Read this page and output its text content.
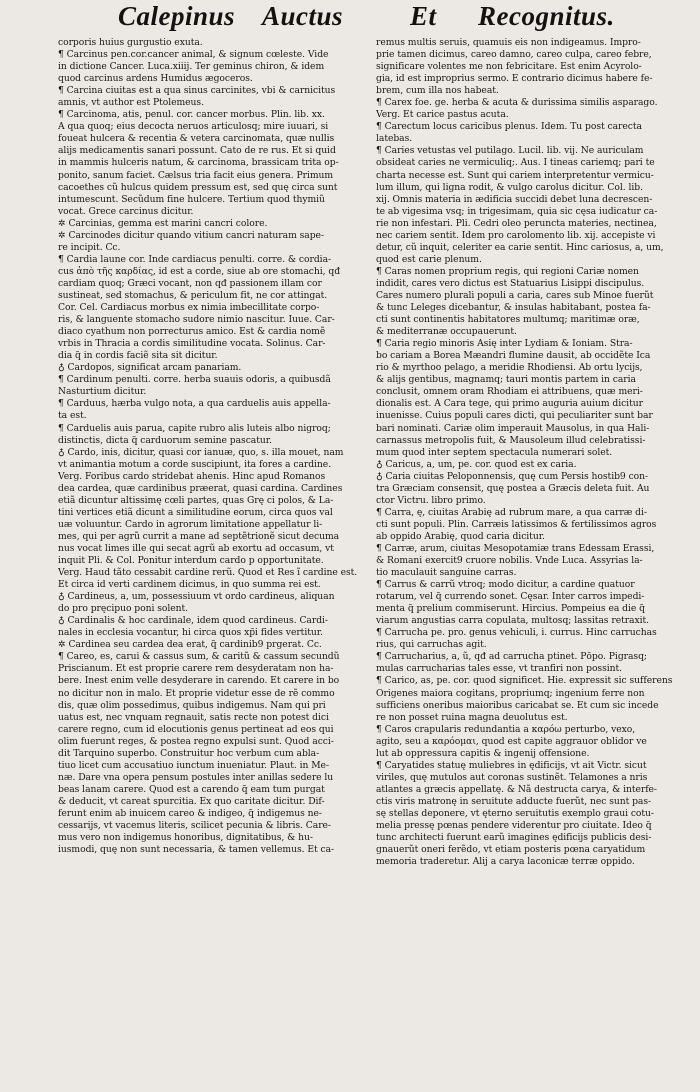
Calepinus Auctus Et Recognitus.
corporis huius gurgustio exuta.
¶ Carcinus pen.cor.cancer animal, & signum cœleste. Vide
in dictione Cancer. Luca.xiiij. Ter geminus chiron, & idem
quod carcinus ardens Humidus ægoceros.
¶ Carcina ciuitas est a qua sinus carcinites, vbi & carnicitus
amnis, vt author est Ptolemeus.
¶ Carcinoma, atis, penul. cor. cancer morbus. Plin. lib. xx.
A qua quoq; eius decocta neruos articulosq; mire iuuari, si
foueat hulcera & recentia & vetera carcinomata, quæ nullis
alijs medicamentis sanari possunt. Cato de re rus. Et si quid
in mammis hulceris natum, & carcinoma, brassicam trita op-
ponito, sanum faciet. Cælsus tria facit eius genera. Primum
cacoethes cũ hulcus quidem pressum est, sed quę circa sunt
intumescunt. Secũdum fine hulcere. Tertium quod thymiũ
vocat. Grece carcinus dicitur.
✲ Carcinias, gemma est marini cancri colore.
✲ Carcinodes dicitur quando vitium cancri naturam sape-
re incipit. Cc.
¶ Cardia laune cor. Inde cardiacus penulti. corre. & cordia-
cus ἀπὸ τῆς καρδίας, id est a corde, siue ab ore stomachi, qđ
cardiam quoq; Græci vocant, non qđ passionem illam cor
sustineat, sed stomachus, & periculum fit, ne cor attingat.
Cor. Cel. Cardiacus morbus ex nimia imbecillitate corpo-
ris, & languente stomacho sudore nimio nascitur. Iuue. Car-
diaco cyathum non porrecturus amico. Est & cardia nomẽ
vrbis in Thracia a cordis similitudine vocata. Solinus. Car-
dia q̃ in cordis faciẽ sita sit dicitur.
♁ Cardopos, significat arcam panariam.
¶ Cardinum penulti. corre. herba suauis odoris, a quibusdã
Nasturtium dicitur.
¶ Carduus, hærba vulgo nota, a qua carduelis auis appella-
ta est.
¶ Carduelis auis parua, capite rubro alis luteis albo nigroq;
distinctis, dicta q̃ carduorum semine pascatur.
♁ Cardo, inis, dicitur, quasi cor ianuæ, quo, s. illa mouet, nam
vt animantia motum a corde suscipiunt, ita fores a cardine.
Verg. Foribus cardo stridebat ahenis. Hinc apud Romanos
dea cardea, quæ cardinibus præerat, quasi cardina. Cardines
etiã dicuntur altissimę cœli partes, quas Grę ci polos, & La-
tini vertices etiã dicunt a similitudine eorum, circa quos val
uæ voluuntur. Cardo in agrorum limitatione appellatur li-
mes, qui per agrũ currit a mane ad septẽtrionẽ sicut decuma
nus vocat limes ille qui secat agrũ ab exortu ad occasum, vt
inquit Pli. & Col. Ponitur interdum cardo p opportunitate.
Verg. Haud tãto cessabit cardine rerũ. Quod et Res ĩ cardine est.
Et circa id verti cardinem dicimus, in quo summa rei est.
♁ Cardineus, a, um, possessiuum vt ordo cardineus, aliquan
do pro pręcipuo poni solent.
♁ Cardinalis & hoc cardinale, idem quod cardineus. Cardi-
nales in ecclesia vocantur, hi circa quos xp̃i fides vertitur.
✲ Cardinea seu cardea dea erat, q̃ cardinib9 prgerat. Cc.
¶ Careo, es, carui & cassus sum, & caritũ & cassum secundũ
Priscianum. Et est proprie carere rem desyderatam non ha-
bere. Inest enim velle desyderare in carendo. Et carere in bo
no dicitur non in malo. Et proprie videtur esse de rẽ commo
dis, quæ olim possedimus, quibus indigemus. Nam qui pri
uatus est, nec vnquam regnauit, satis recte non potest dici
carere regno, cum id elocutionis genus pertineat ad eos qui
olim fuerunt reges, & postea regno expulsi sunt. Quod acci-
dit Tarquino superbo. Construitur hoc verbum cum abla-
tiuo licet cum accusatiuo iunctum inueniatur. Plaut. in Me-
næ. Dare vna opera pensum postules inter anillas sedere lu
beas lanam carere. Quod est a carendo q̃ eam tum purgat
& deducit, vt careat spurcitia. Ex quo caritate dicitur. Dif-
ferunt enim ab inuicem careo & indigeo, q̃ indigemus ne-
cessarijs, vt vacemus literis, scilicet pecunia & libris. Care-
mus vero non indigemus honoribus, dignitatibus, & hu-
iusmodi, quę non sunt necessaria, & tamen vellemus. Et ca-
remus multis seruis, quamuis eis non indigeamus. Impro-
prie tamen dicimus, careo damno, careo culpa, careo febre,
significare volentes me non febricitare. Est enim Acyrolo-
gia, id est improprius sermo. E contrario dicimus habere fe-
brem, cum illa nos habeat.
¶ Carex foe. ge. herba & acuta & durissima similis asparago.
Verg. Et carice pastus acuta.
¶ Carectum locus caricibus plenus. Idem. Tu post carecta
latebas.
¶ Caries vetustas vel putilago. Lucil. lib. vij. Ne auriculam
obsideat caries ne vermiculiq;. Aus. I tineas cariemq; pari te
charta necesse est. Sunt qui cariem interpretentur vermicu-
lum illum, qui ligna rodit, & vulgo carolus dicitur. Col. lib.
xij. Omnis materia in ædificia succidi debet luna decrescen-
te ab vigesima vsq; in trigesimam, quia sic cęsa iudicatur ca-
rie non infestari. Pli. Cedri oleo peruncta materies, nectinea,
nec cariem sentit. Idem pro carolomento lib. xij. accepiste vi
detur, cũ inquit, celeriter ea carie sentit. Hinc cariosus, a, um,
quod est carie plenum.
¶ Caras nomen proprium regis, qui regioni Cariæ nomen
indidit, cares vero dictus est Statuarius Lisippi discipulus.
Cares numero plurali populi a caria, cares sub Minoe fuerũt
& tunc Leleges dicebantur, & insulas habitabant, postea fa-
cti sunt continentis habitatores multumq; maritimæ oræ,
& mediterranæ occupauerunt.
¶ Caria regio minoris Asię inter Lydiam & Ioniam. Stra-
bo cariam a Borea Mæandri flumine dausit, ab occidẽte Ica
rio & myrthoo pelago, a meridie Rhodiensi. Ab ortu lycijs,
& alijs gentibus, magnamq; tauri montis partem in caria
conclusit, omnem oram Rhodiam ei attribuens, quæ meri-
dionalis est. A Cara tege, qui primo auguria auium dicitur
inuenisse. Cuius populi cares dicti, qui peculiariter sunt bar
bari nominati. Cariæ olim imperauit Mausolus, in qua Hali-
carnassus metropolis fuit, & Mausoleum illud celebratissi-
mum quod inter septem spectacula numerari solet.
♁ Caricus, a, um, pe. cor. quod est ex caria.
♁ Caria ciuitas Peloponnensis, quę cum Persis hostib9 con-
tra Græciam consensit, quę postea a Græcis deleta fuit. Au
ctor Victru. libro primo.
¶ Carra, ę, ciuitas Arabię ad rubrum mare, a qua carræ di-
cti sunt populi. Plin. Carræis latissimos & fertilissimos agros
ab oppido Arabię, quod caria dicitur.
¶ Carræ, arum, ciuitas Mesopotamiæ trans Edessam Erassi,
& Romani exercit9 cruore nobilis. Vnde Luca. Assyrias la-
tio maculauit sanguine carras.
¶ Carrus & carrũ vtroq; modo dicitur, a cardine quatuor
rotarum, vel q̃ currendo sonet. Cęsar. Inter carros impedi-
menta q̃ prelium commiserunt. Hircius. Pompeius ea die q̃
viarum angustias carra copulata, multosq; lassitas retraxit.
¶ Carrucha pe. pro. genus vehiculi, i. currus. Hinc carruchas
rius, qui carruchas agit.
¶ Carrucharius, a, ũ, qđ ad carrucha ptinet. Pōpo. Pigrasq;
mulas carrucharias tales esse, vt tranfiri non possint.
¶ Carico, as, pe. cor. quod significet. Hie. expressit sic sufferens
Origenes maiora cogitans, propriumq; ingenium ferre non
sufficiens oneribus maioribus caricabat se. Et cum sic incede
re non posset ruina magna deuolutus est.
¶ Caros crapularis redundantia a καρόω perturbo, vexo,
agito, seu a καρόομαι, quod est capite aggrauor oblidor ve
lut ab oppressura capitis & ingenij offensione.
¶ Caryatides statuę muliebres in ędificijs, vt ait Victr. sicut
viriles, quę mutulos aut coronas sustinẽt. Telamones a nris
atlantes a græcis appellatę. & Nã destructa carya, & interfe-
ctis viris matronę in seruitute adducte fuerũt, nec sunt pas-
sę stellas deponere, vt ęterno seruitutis exemplo graui cotu-
melia pressę pœnas pendere viderentur pro ciuitate. Ideo q̃
tunc architecti fuerunt earũ imagines ędificijs publicis desi-
gnauerũt oneri ferẽdo, vt etiam posteris pœna caryatidum
memoria traderetur. Alij a carya laconicæ terræ oppido.
